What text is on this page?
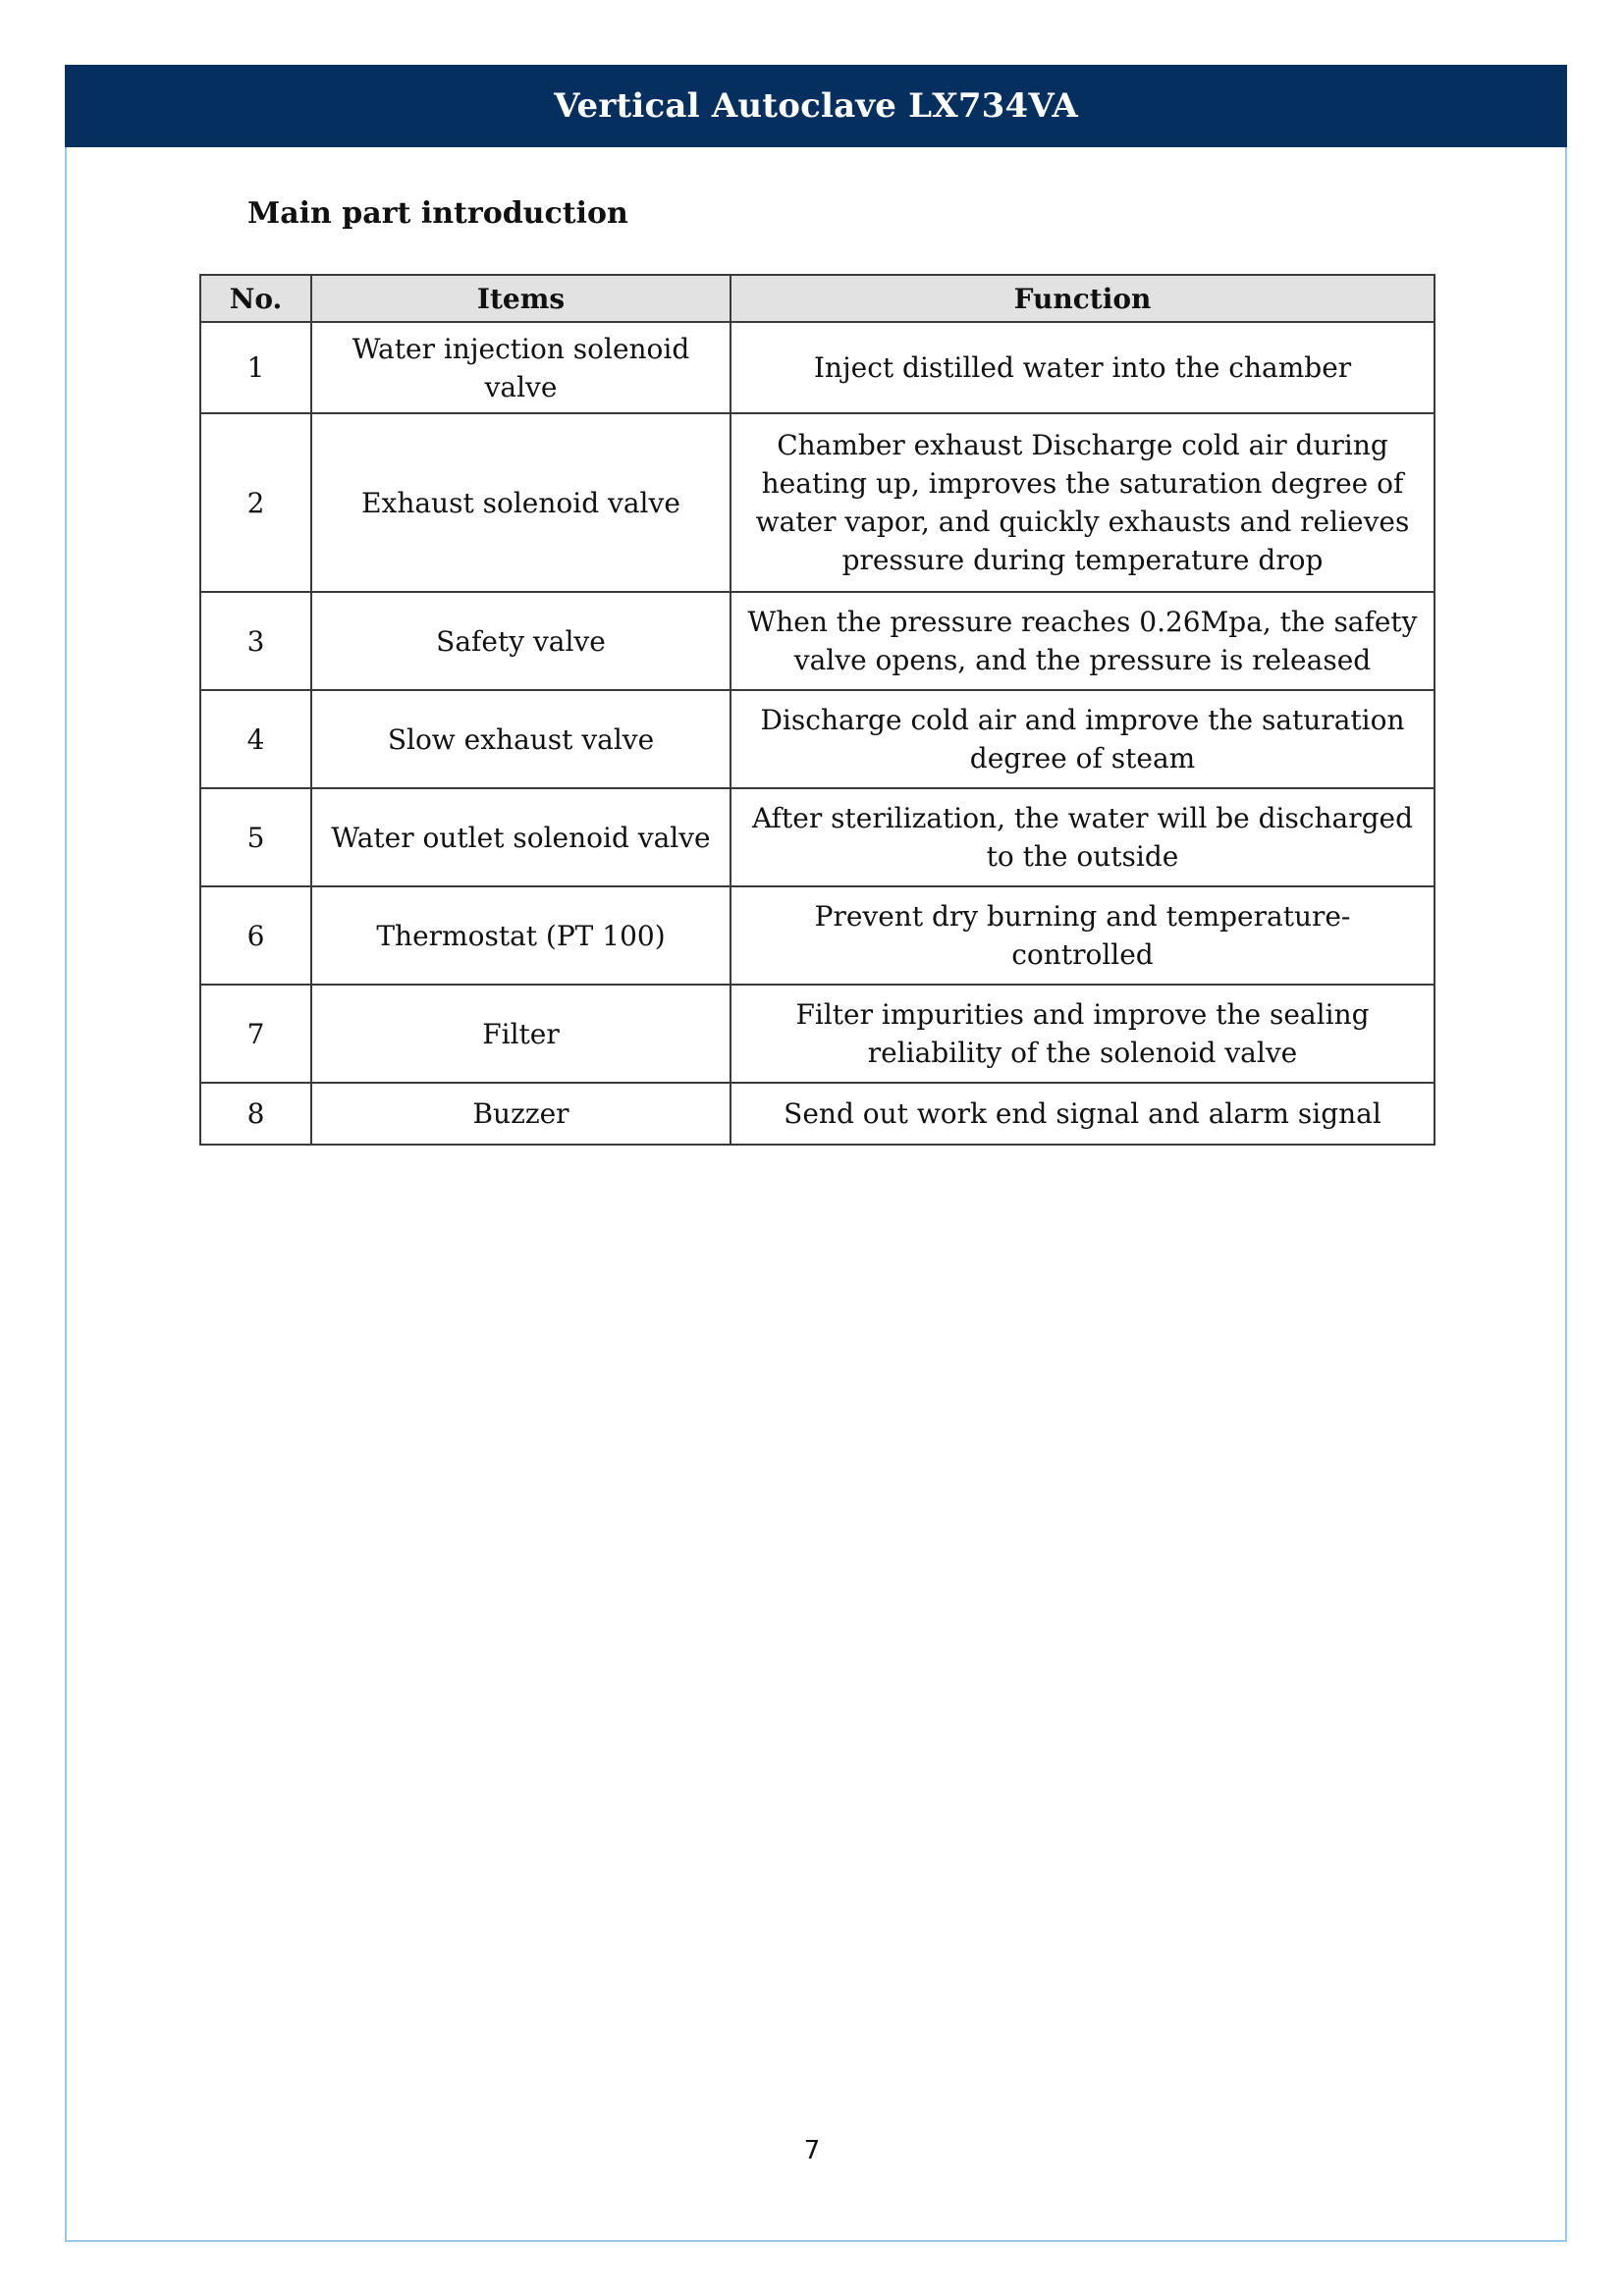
Vertical Autoclave LX734VA
Main part introduction
No.	Items	Function
1	Water injection solenoid valve	Inject distilled water into the chamber
2	Exhaust solenoid valve	Chamber exhaust Discharge cold air during heating up, improves the saturation degree of water vapor, and quickly exhausts and relieves pressure during temperature drop
3	Safety valve	When the pressure reaches 0.26Mpa, the safety valve opens, and the pressure is released
4	Slow exhaust valve	Discharge cold air and improve the saturation degree of steam
5	Water outlet solenoid valve	After sterilization, the water will be discharged to the outside
6	Thermostat (PT 100)	Prevent dry burning and temperature-controlled
7	Filter	Filter impurities and improve the sealing reliability of the solenoid valve
8	Buzzer	Send out work end signal and alarm signal
7
